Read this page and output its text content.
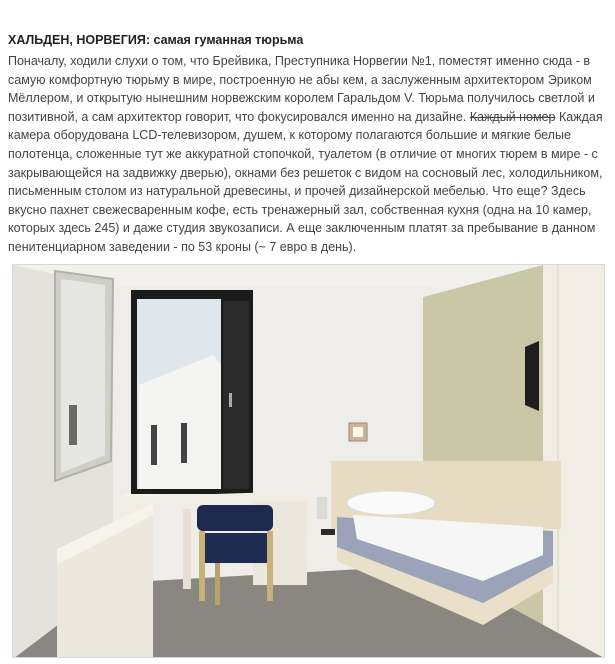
ХАЛЬДЕН, НОРВЕГИЯ: самая гуманная тюрьма

Поначалу, ходили слухи о том, что Брейвика, Преступника Норвегии №1, поместят именно сюда - в самую комфортную тюрьму в мире, построенную не абы кем, а заслуженным архитектором Эриком Мёллером, и открытую нынешним норвежским королем Гаральдом V. Тюрьма получилось светлой и позитивной, а сам архитектор говорит, что фокусировался именно на дизайне. Каждый номер Каждая камера оборудована LCD-телевизором, душем, к которому полагаются большие и мягкие белые полотенца, сложенные тут же аккуратной стопочкой, туалетом (в отличие от многих тюрем в мире - с закрывающейся на задвижку дверью), окнами без решеток с видом на сосновый лес, холодильником, письменным столом из натуральной древесины, и прочей дизайнерской мебелью. Что еще? Здесь вкусно пахнет свежесваренным кофе, есть тренажерный зал, собственная кухня (одна на 10 камер, которых здесь 245) и даже студия звукозаписи. А еще заключенным платят за пребывание в данном пенитенциарном заведении - по 53 кроны (~ 7 евро в день).
